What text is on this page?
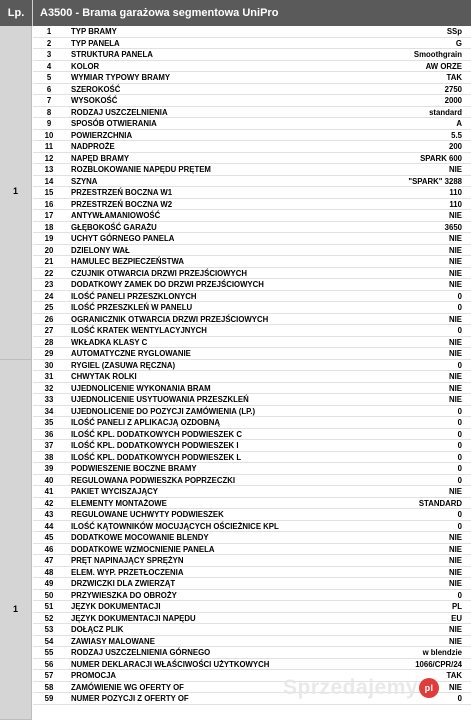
Lp.	A3500 - Brama garażowa segmentowa UniPro
1
1
1	TYP BRAMY	SSp
2	TYP PANELA	G
3	STRUKTURA PANELA	Smoothgrain
4	KOLOR	AW ORZE
5	WYMIAR TYPOWY BRAMY	TAK
6	SZEROKOŚĆ	2750
7	WYSOKOŚĆ	2000
8	RODZAJ USZCZELNIENIA	standard
9	SPOSÓB OTWIERANIA	A
10	POWIERZCHNIA	5.5
11	NADPROŻE	200
12	NAPĘD BRAMY	SPARK 600
13	ROZBLOKOWANIE NAPĘDU PRĘTEM	NIE
14	SZYNA	"SPARK" 3288
15	PRZESTRZEŃ BOCZNA W1	110
16	PRZESTRZEŃ BOCZNA W2	110
17	ANTYWŁAMANIOWOŚĆ	NIE
18	GŁĘBOKOŚĆ GARAŻU	3650
19	UCHYT GÓRNEGO PANELA	NIE
20	DZIELONY WAŁ	NIE
21	HAMULEC BEZPIECZEŃSTWA	NIE
22	CZUJNIK OTWARCIA DRZWI PRZEJŚCIOWYCH	NIE
23	DODATKOWY ZAMEK DO DRZWI PRZEJŚCIOWYCH	NIE
24	ILOŚĆ PANELI PRZESZKLONYCH	0
25	ILOŚĆ PRZESZKLEŃ W PANELU	0
26	OGRANICZNIK OTWARCIA DRZWI PRZEJŚCIOWYCH	NIE
27	ILOŚĆ KRATEK WENTYLACYJNYCH	0
28	WKŁADKA KLASY C	NIE
29	AUTOMATYCZNE RYGLOWANIE	NIE
30	RYGIEL (ZASUWA RĘCZNA)	0
31	CHWYTAK ROLKI	NIE
32	UJEDNOLICENIE WYKONANIA BRAM	NIE
33	UJEDNOLICENIE USYTUOWANIA PRZESZKLEŃ	NIE
34	UJEDNOLICENIE DO POZYCJI ZAMÓWIENIA (LP.)	0
35	ILOŚĆ PANELI Z APLIKACJĄ OZDOBNĄ	0
36	ILOŚĆ KPL. DODATKOWYCH PODWIESZEK C	0
37	ILOŚĆ KPL. DODATKOWYCH PODWIESZEK I	0
38	ILOŚĆ KPL. DODATKOWYCH PODWIESZEK L	0
39	PODWIESZENIE BOCZNE BRAMY	0
40	REGULOWANA PODWIESZKA POPRZECZKI	0
41	PAKIET WYCISZAJĄCY	NIE
42	ELEMENTY MONTAŻOWE	STANDARD
43	REGULOWANE UCHWYTY PODWIESZEK	0
44	ILOŚĆ KĄTOWNIKÓW MOCUJĄCYCH OŚCIEŻNICE KPL	0
45	DODATKOWE MOCOWANIE BLENDY	NIE
46	DODATKOWE WZMOCNIENIE PANELA	NIE
47	PRĘT NAPINAJĄCY SPRĘŻYN	NIE
48	ELEM. WYP. PRZETŁOCZENIA	NIE
49	DRZWICZKI DLA ZWIERZĄT	NIE
50	PRZYWIESZKA DO OBROŻY	0
51	JĘZYK DOKUMENTACJI	PL
52	JĘZYK DOKUMENTACJI NAPĘDU	EU
53	DOŁĄCZ PLIK	NIE
54	ZAWIASY MALOWANE	NIE
55	RODZAJ USZCZELNIENIA GÓRNEGO	w blendzie
56	NUMER DEKLARACJI WŁAŚCIWOŚCI UŻYTKOWYCH	1066/CPR/24
57	PROMOCJA	TAK
58	ZAMÓWIENIE WG OFERTY OF	NIE
59	NUMER POZYCJI Z OFERTY OF	0
Sprzedajemy pl
